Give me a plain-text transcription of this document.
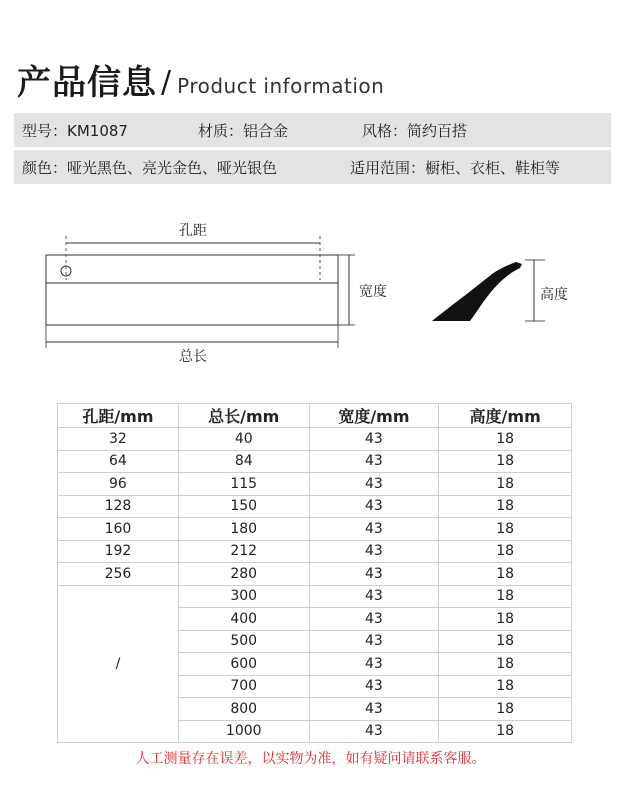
产品信息 / Product information
型号：KM1087	材质：铝合金	风格：简约百搭
颜色：哑光黑色、亮光金色、哑光银色	适用范围：橱柜、衣柜、鞋柜等
孔距
总长
宽度	高度
孔距/mm	总长/mm	宽度/mm	高度/mm
32	40	43	18
64	84	43	18
96	115	43	18
128	150	43	18
160	180	43	18
192	212	43	18
256	280	43	18
/	300	43	18
	400	43	18
	500	43	18
	600	43	18
	700	43	18
	800	43	18
	1000	43	18
人工测量存在误差，以实物为准，如有疑问请联系客服。
